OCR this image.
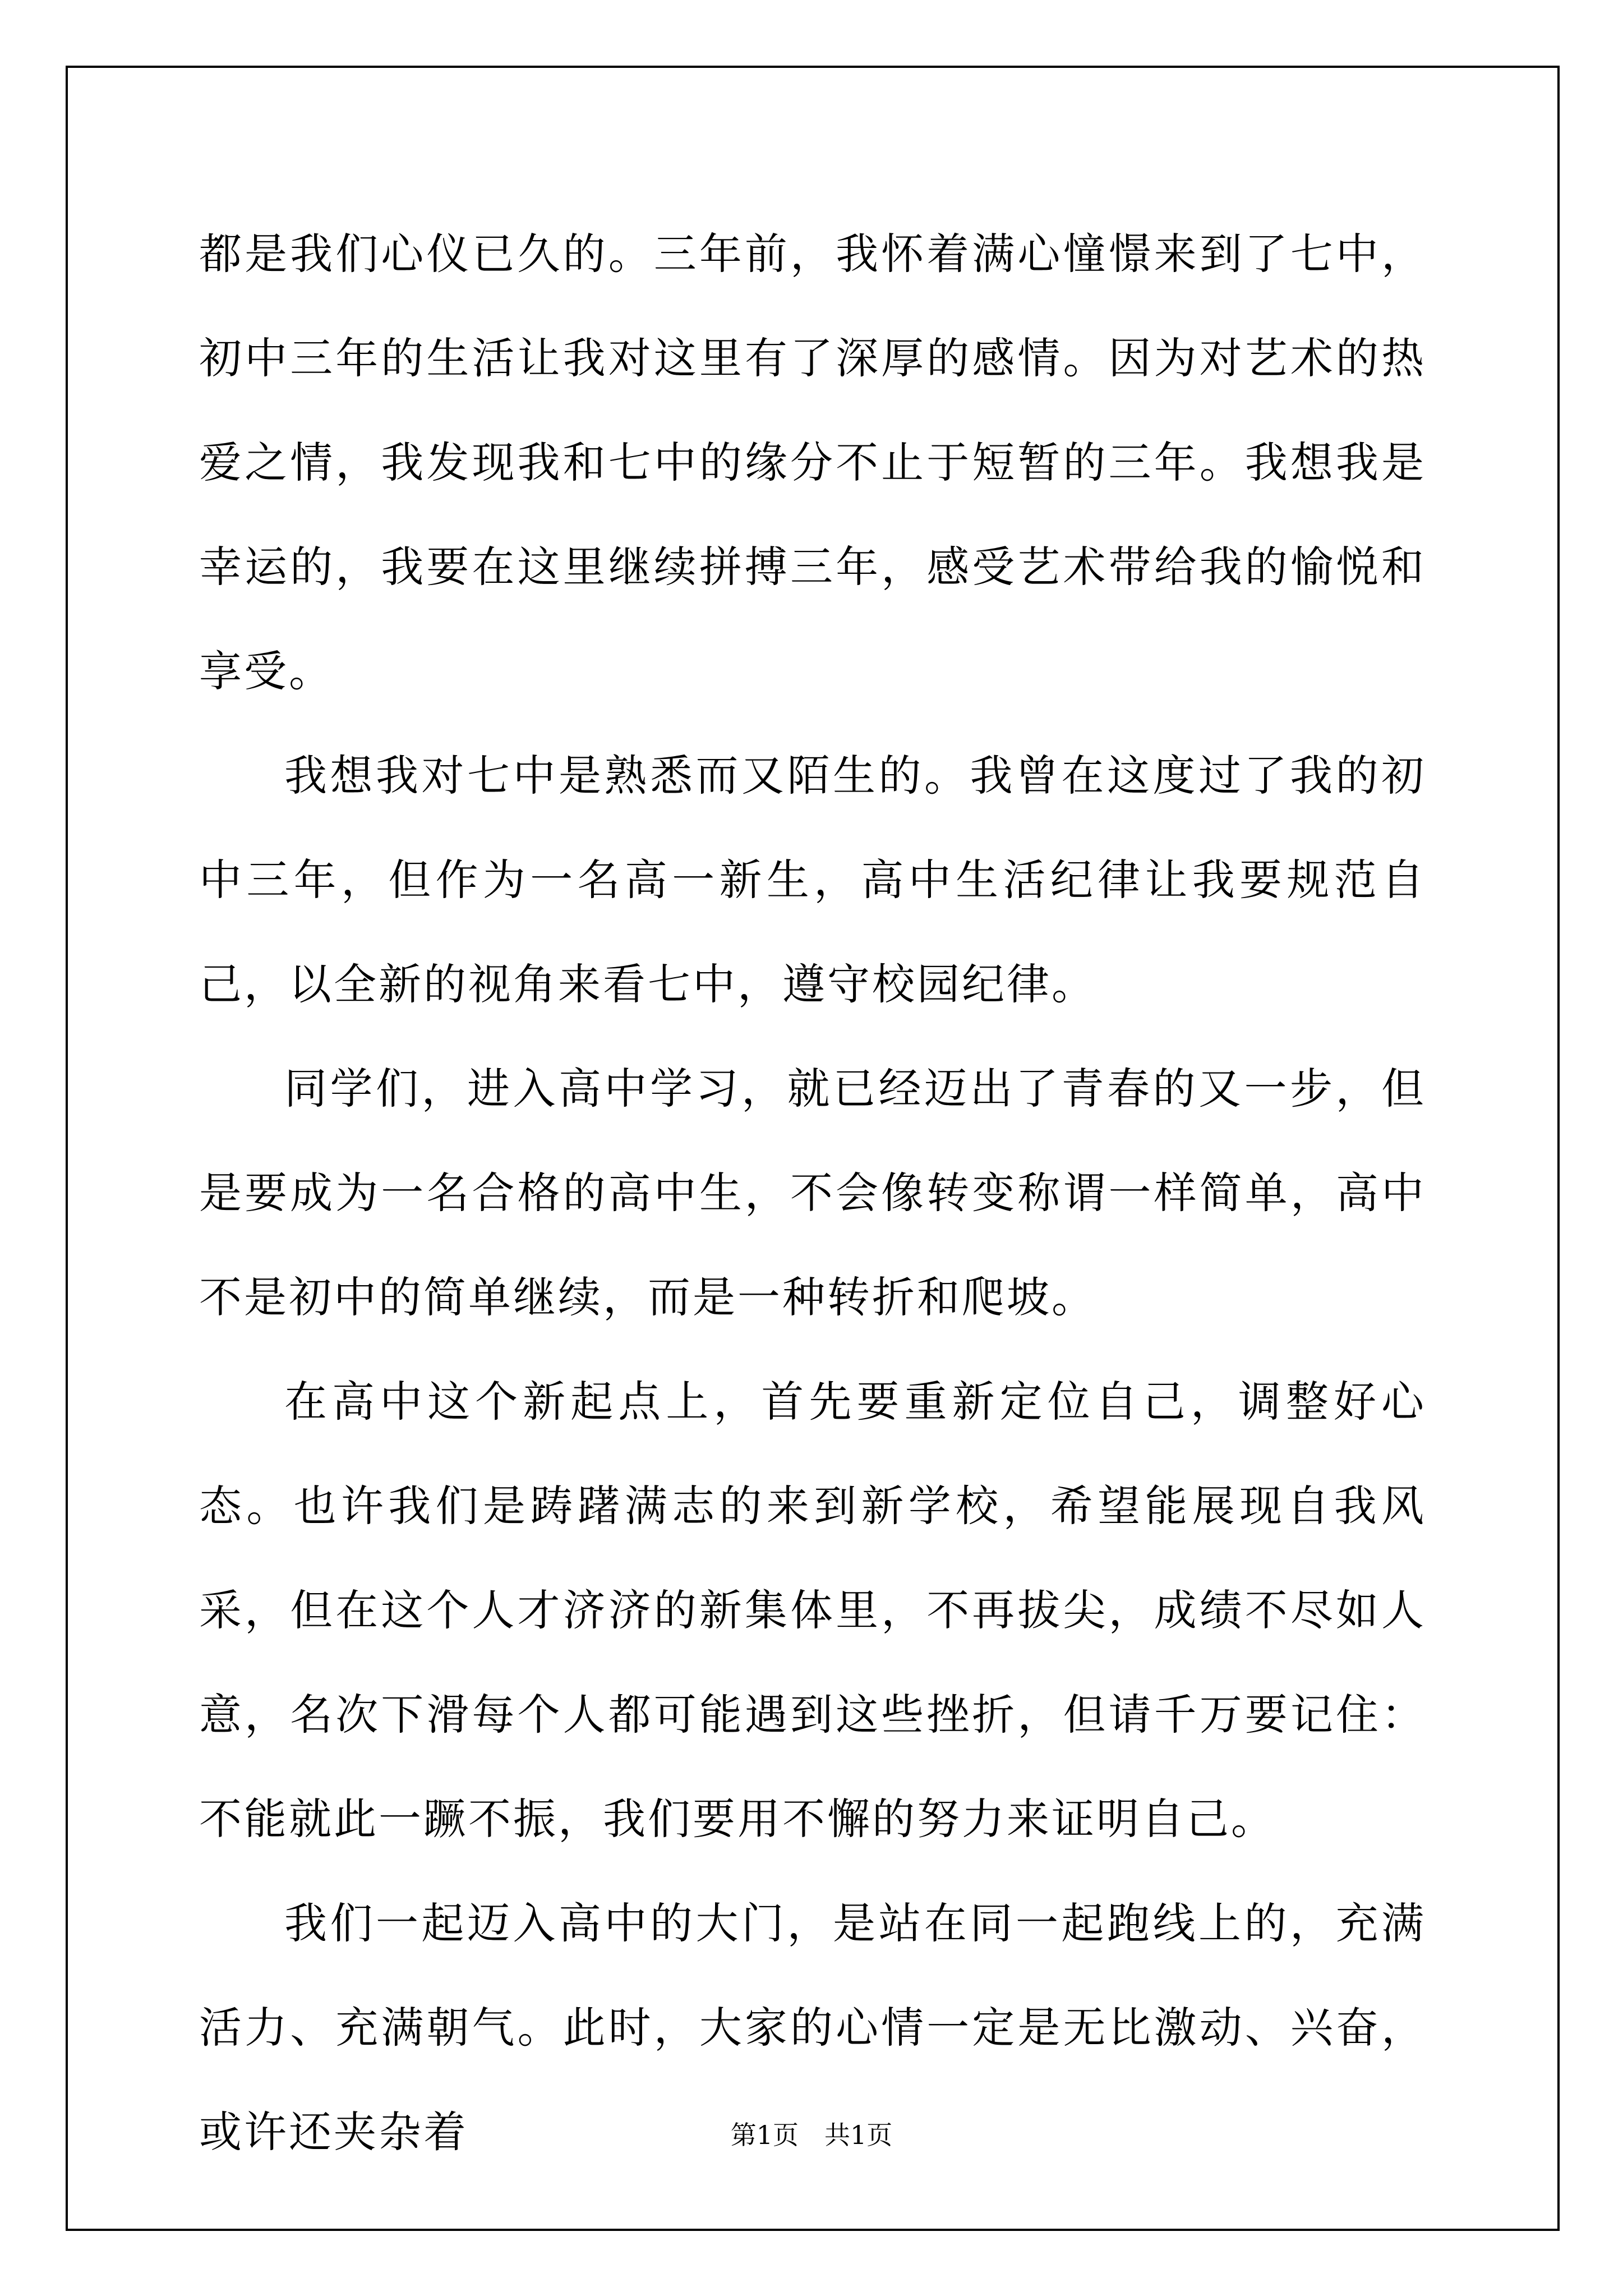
都是我们心仪已久的。三年前，我怀着满心憧憬来到了七中，初中三年的生活让我对这里有了深厚的感情。因为对艺术的热爱之情，我发现我和七中的缘分不止于短暂的三年。我想我是幸运的，我要在这里继续拼搏三年，感受艺术带给我的愉悦和享受。

我想我对七中是熟悉而又陌生的。我曾在这度过了我的初中三年，但作为一名高一新生，高中生活纪律让我要规范自己，以全新的视角来看七中，遵守校园纪律。

同学们，进入高中学习，就已经迈出了青春的又一步，但是要成为一名合格的高中生，不会像转变称谓一样简单，高中不是初中的简单继续，而是一种转折和爬坡。

在高中这个新起点上，首先要重新定位自己，调整好心态。也许我们是踌躇满志的来到新学校，希望能展现自我风采，但在这个人才济济的新集体里，不再拔尖，成绩不尽如人意，名次下滑每个人都可能遇到这些挫折，但请千万要记住：不能就此一蹶不振，我们要用不懈的努力来证明自己。

我们一起迈入高中的大门，是站在同一起跑线上的，充满活力、充满朝气。此时，大家的心情一定是无比激动、兴奋，或许还夹杂着	第1页　共1页
